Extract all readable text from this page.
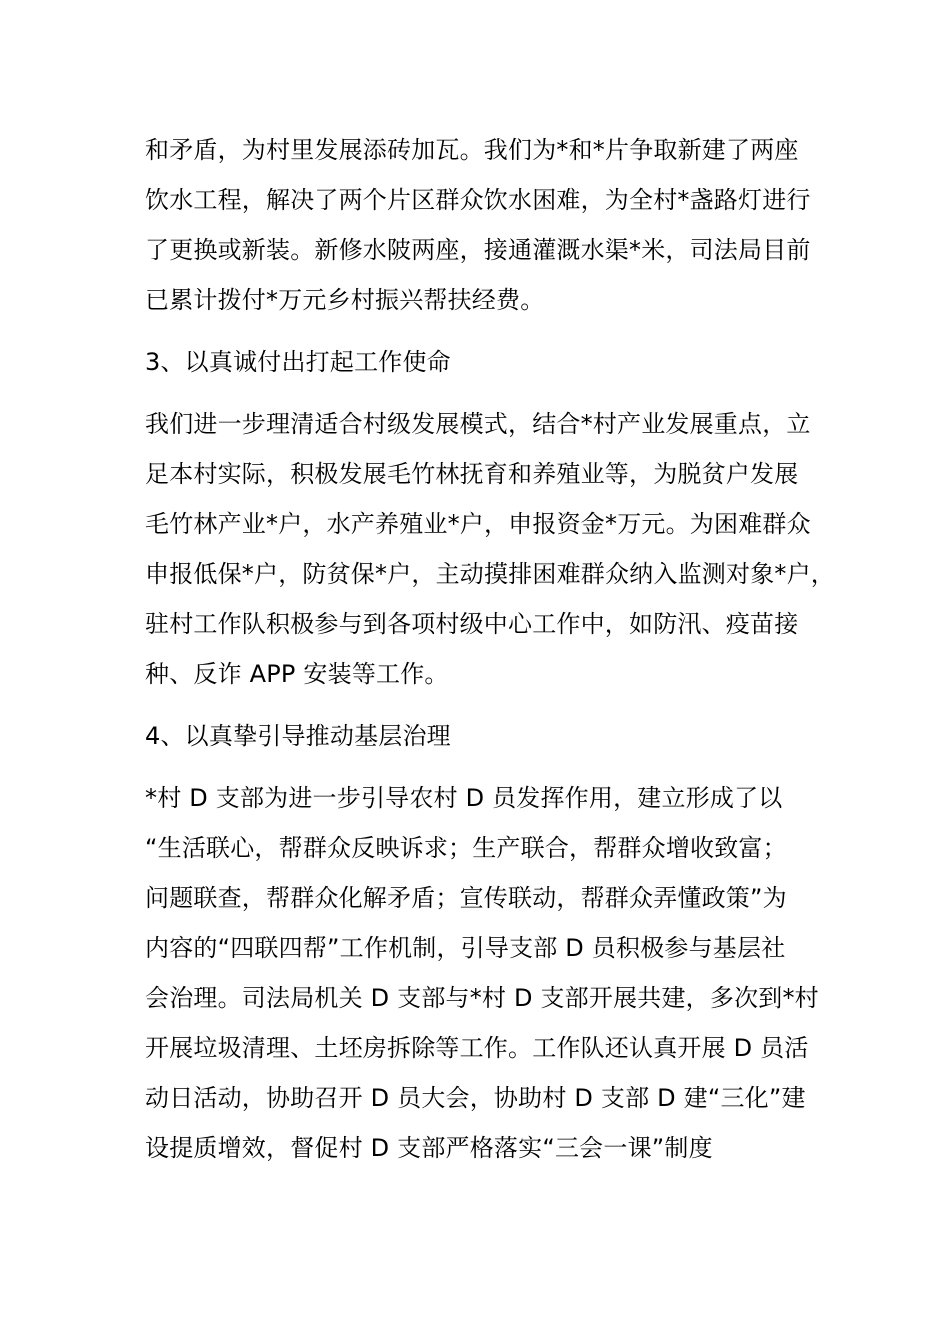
和矛盾，为村里发展添砖加瓦。我们为*和*片争取新建了两座
饮水工程，解决了两个片区群众饮水困难，为全村*盏路灯进行
了更换或新装。新修水陂两座，接通灌溉水渠*米，司法局目前
已累计拨付*万元乡村振兴帮扶经费。
3、以真诚付出打起工作使命
我们进一步理清适合村级发展模式，结合*村产业发展重点，立
足本村实际，积极发展毛竹林抚育和养殖业等，为脱贫户发展
毛竹林产业*户，水产养殖业*户，申报资金*万元。为困难群众
申报低保*户，防贫保*户，主动摸排困难群众纳入监测对象*户，
驻村工作队积极参与到各项村级中心工作中，如防汛、疫苗接
种、反诈 APP 安装等工作。
4、以真挚引导推动基层治理
*村 D 支部为进一步引导农村 D 员发挥作用，建立形成了以
“生活联心，帮群众反映诉求；生产联合，帮群众增收致富；
问题联查，帮群众化解矛盾；宣传联动，帮群众弄懂政策”为
内容的“四联四帮”工作机制，引导支部 D 员积极参与基层社
会治理。司法局机关 D 支部与*村 D 支部开展共建，多次到*村
开展垃圾清理、土坯房拆除等工作。工作队还认真开展 D 员活
动日活动，协助召开 D 员大会，协助村 D 支部 D 建“三化”建
设提质增效，督促村 D 支部严格落实“三会一课”制度
